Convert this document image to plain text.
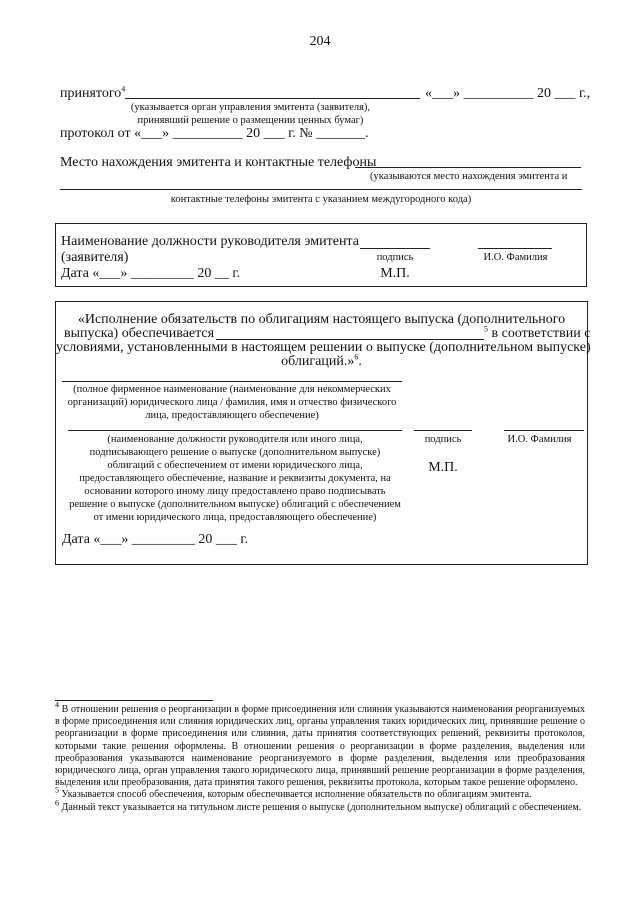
204
принятого$^4$	«___» __________ 20 ___ г.,
(указывается орган управления эмитента (заявителя), принявший решение о размещении ценных бумаг)
протокол от «___» __________ 20 ___ г. № _______.
Место нахождения эмитента и контактные телефоны
(указываются место нахождения эмитента и
контактные телефоны эмитента с указанием междугородного кода)
Наименование должности руководителя эмитента
(заявителя)
Дата «___» _________ 20 __ г.
подпись
М.П.
И.О. Фамилия
«Исполнение обязательств по облигациям настоящего выпуска (дополнительного
выпуска) обеспечивается	$^5$ в соответствии с
условиями, установленными в настоящем решении о выпуске (дополнительном выпуске)
облигаций.»$^6$.
(полное фирменное наименование (наименование для некоммерческих организаций) юридического лица / фамилия, имя и отчество физического лица, предоставляющего обеспечение)
(наименование должности руководителя или иного лица, подписывающего решение о выпуске (дополнительном выпуске) облигаций с обеспечением от имени юридического лица, предоставляющего обеспечение, название и реквизиты документа, на основании которого иному лицу предоставлено право подписывать решение о выпуске (дополнительном выпуске) облигаций с обеспечением от имени юридического лица, предоставляющего обеспечение)
подпись
М.П.
И.О. Фамилия
Дата «___» _________ 20 ___ г.

$^4$ В отношении решения о реорганизации в форме присоединения или слияния указываются наименования реорганизуемых в форме присоединения или слияния юридических лиц, органы управления таких юридических лиц, принявшие решение о реорганизации в форме присоединения или слияния, даты принятия соответствующих решений, реквизиты протоколов, которыми такие решения оформлены. В отношении решения о реорганизации в форме разделения, выделения или преобразования указываются наименование реорганизуемого в форме разделения, выделения или преобразования юридического лица, орган управления такого юридического лица, принявший решение реорганизации в форме разделения, выделения или преобразования, дата принятия такого решения, реквизиты протокола, которым такое решение оформлено.

$^5$ Указывается способ обеспечения, которым обеспечивается исполнение обязательств по облигациям эмитента.

$^6$ Данный текст указывается на титульном листе решения о выпуске (дополнительном выпуске) облигаций с обеспечением.
